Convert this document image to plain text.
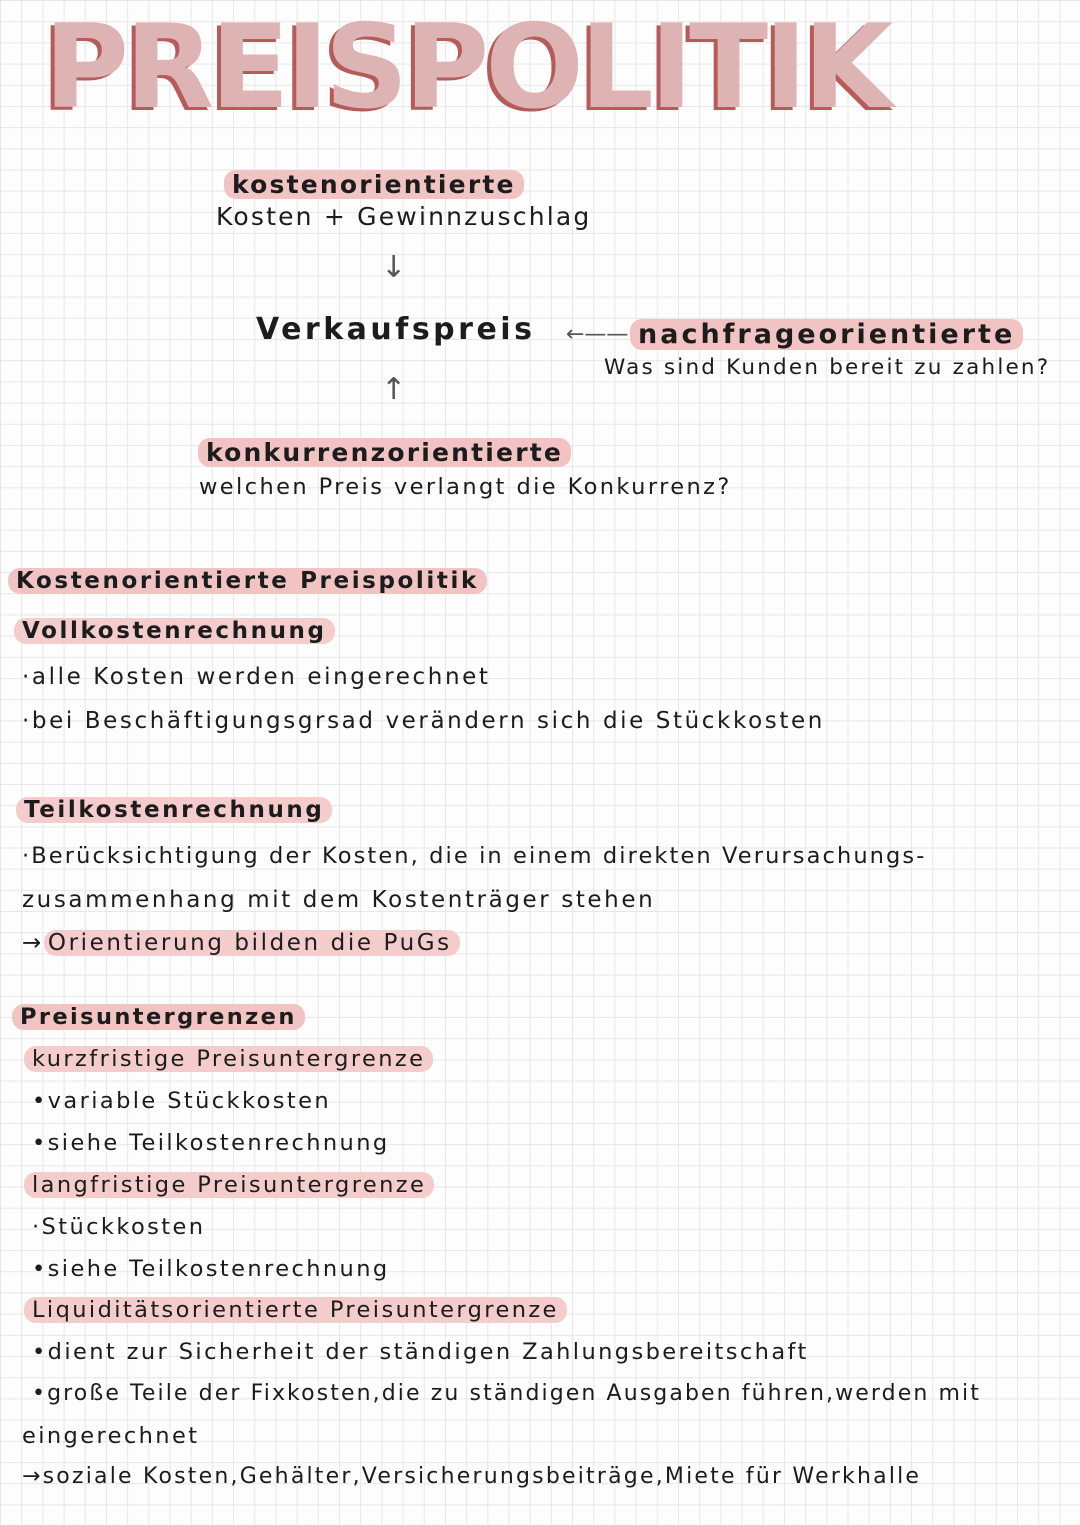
PREISPOLITIK
kostenorientierte
Kosten + Gewinnzuschlag
↓
Verkaufspreis ←—— nachfrageorientierte
Was sind Kunden bereit zu zahlen?
↑
konkurrenzorientierte
welchen Preis verlangt die Konkurrenz?
Kostenorientierte Preispolitik
Vollkostenrechnung
·alle Kosten werden eingerechnet
·bei Beschäftigungsgrsad verändern sich die Stückkosten
Teilkostenrechnung
·Berücksichtigung der Kosten, die in einem direkten Verursachungs-
zusammenhang mit dem Kostenträger stehen
→ Orientierung bilden die PuGs
Preisuntergrenzen
kurzfristige Preisuntergrenze
•variable Stückkosten
•siehe Teilkostenrechnung
langfristige Preisuntergrenze
·Stückkosten
•siehe Teilkostenrechnung
Liquiditätsorientierte Preisuntergrenze
•dient zur Sicherheit der ständigen Zahlungsbereitschaft
•große Teile der Fixkosten,die zu ständigen Ausgaben führen,werden mit
eingerechnet
→soziale Kosten,Gehälter,Versicherungsbeiträge,Miete für Werkhalle
